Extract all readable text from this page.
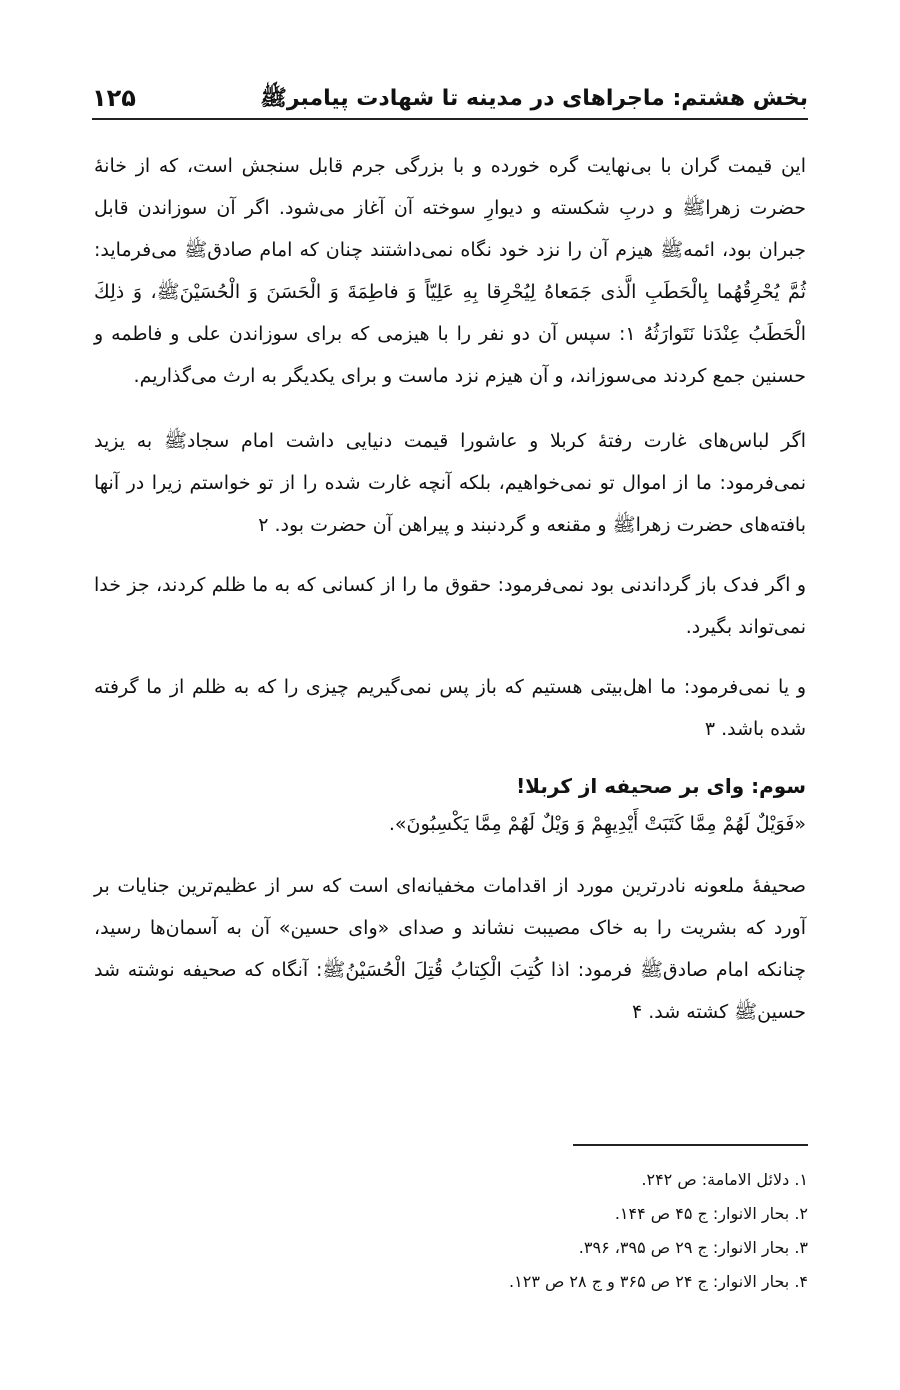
بخش هشتم: ماجراهای در مدینه تا شهادت پیامبرﷺ
۱۲۵

این قیمت گران با بی‌نهایت گره خورده و با بزرگی جرم قابل سنجش است، که از خانهٔ حضرت زهراﷺ و دربِ شکسته و دیوارِ سوخته آن آغاز می‌شود. اگر آن سوزاندن قابل جبران بود، ائمهﷺ هیزم آن را نزد خود نگاه نمی‌داشتند چنان که امام صادقﷺ می‌فرماید: ثُمَّ يُحْرِقُهُما بِالْحَطَبِ الَّذى جَمَعاهُ لِيُحْرِقا بِهِ عَلِيّاً وَ فاطِمَةَ وَ الْحَسَنَ وَ الْحُسَيْنَﷺ، وَ ذلِكَ الْحَطَبُ عِنْدَنا نَتَوارَثُهُ ۱: سپس آن دو نفر را با هیزمی که برای سوزاندن علی و فاطمه و حسنین جمع کردند می‌سوزاند، و آن هیزم نزد ماست و برای یکدیگر به ارث می‌گذاریم.

اگر لباس‌های غارت رفتهٔ کربلا و عاشورا قیمت دنیایی داشت امام سجادﷺ به یزید نمی‌فرمود: ما از اموال تو نمی‌خواهیم، بلکه آنچه غارت شده را از تو خواستم زیرا در آنها بافته‌های حضرت زهراﷺ و مقنعه و گردنبند و پیراهن آن حضرت بود. ۲

و اگر فدک باز گرداندنی بود نمی‌فرمود: حقوق ما را از کسانی که به ما ظلم کردند، جز خدا نمی‌تواند بگیرد.

و یا نمی‌فرمود: ما اهل‌بیتی هستیم که باز پس نمی‌گیریم چیزی را که به ظلم از ما گرفته شده باشد. ۳

سوم: وای بر صحیفه از کربلا!

«فَوَيْلٌ لَهُمْ مِمَّا كَتَبَتْ أَيْدِيهِمْ وَ وَيْلٌ لَهُمْ مِمَّا يَكْسِبُونَ».

صحیفهٔ ملعونه نادرترین مورد از اقدامات مخفیانه‌ای است که سر از عظیم‌ترین جنایات بر آورد که بشریت را به خاک مصیبت نشاند و صدای «وای حسین» آن به آسمان‌ها رسید، چنانکه امام صادقﷺ فرمود: اذا كُتِبَ الْكِتابُ قُتِلَ الْحُسَيْنُﷺ: آنگاه که صحیفه نوشته شد حسینﷺ کشته شد. ۴

۱. دلائل الامامة: ص ۲۴۲.

۲. بحار الانوار: ج ۴۵ ص ۱۴۴.

۳. بحار الانوار: ج ۲۹ ص ۳۹۵، ۳۹۶.

۴. بحار الانوار: ج ۲۴ ص ۳۶۵ و ج ۲۸ ص ۱۲۳.
